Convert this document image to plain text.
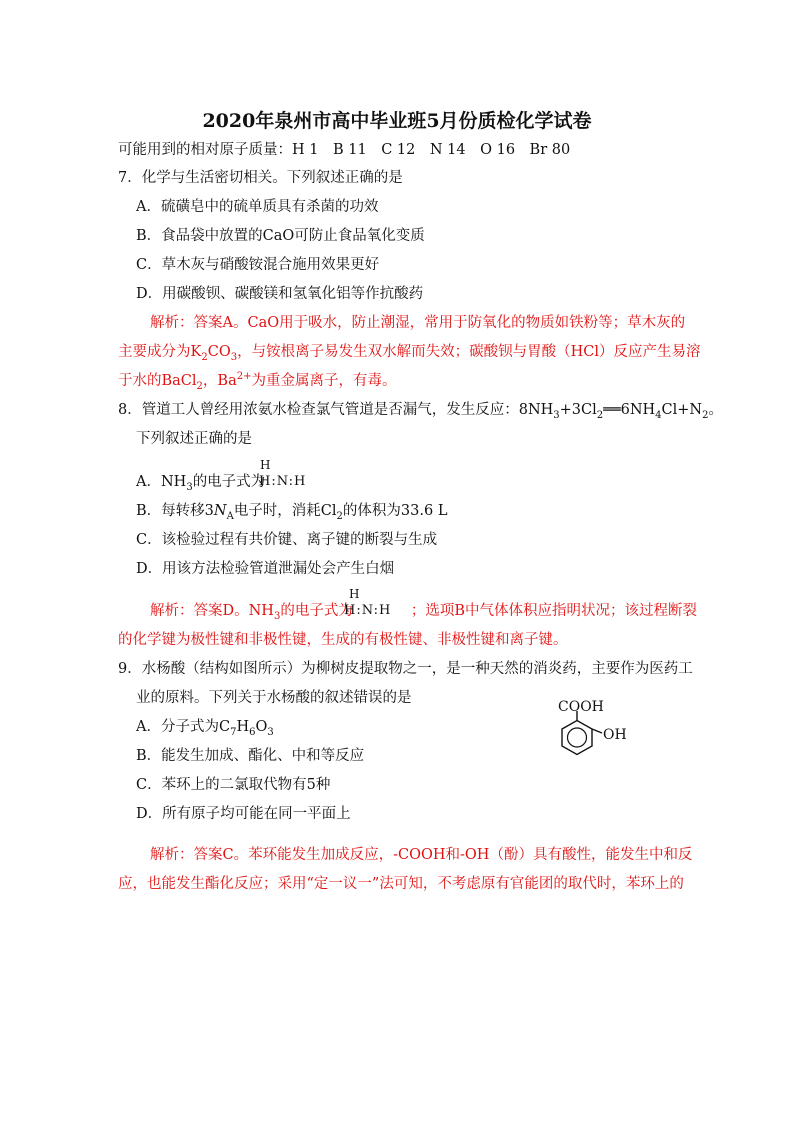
2020年泉州市高中毕业班5月份质检化学试卷
可能用到的相对原子质量：H 1　B 11　C 12　N 14　O 16　Br 80
7．化学与生活密切相关。下列叙述正确的是
A．硫磺皂中的硫单质具有杀菌的功效
B．食品袋中放置的CaO可防止食品氧化变质
C．草木灰与硝酸铵混合施用效果更好
D．用碳酸钡、碳酸镁和氢氧化铝等作抗酸药
解析：答案A。CaO用于吸水，防止潮湿，常用于防氧化的物质如铁粉等；草木灰的
主要成分为$K_2CO_3$，与铵根离子易发生双水解而失效；碳酸钡与胃酸（HCl）反应产生易溶
于水的BaCl$_2$，$Ba^{2+}$为重金属离子，有毒。
8．管道工人曾经用浓氨水检查氯气管道是否漏气，发生反应：$8NH_3+3Cl_2══6NH_4Cl+N_2$。
下列叙述正确的是
A．$NH_3$的电子式为
H
H:N:H
B．每转移$3N_A$电子时，消耗$Cl_2$的体积为33.6 L
C．该检验过程有共价键、离子键的断裂与生成
D．用该方法检验管道泄漏处会产生白烟
解析：答案D。$NH_3$的电子式为	；选项B中气体体积应指明状况；该过程断裂
H
H:N:H
的化学键为极性键和非极性键，生成的有极性键、非极性键和离子键。
9．水杨酸（结构如图所示）为柳树皮提取物之一，是一种天然的消炎药，主要作为医药工
业的原料。下列关于水杨酸的叙述错误的是
A．分子式为$C_7H_6O_3$
B．能发生加成、酯化、中和等反应
C．苯环上的二氯取代物有5种
D．所有原子均可能在同一平面上
COOH
OH
解析：答案C。苯环能发生加成反应，-COOH和-OH（酚）具有酸性，能发生中和反
应，也能发生酯化反应；采用“定一议一”法可知，不考虑原有官能团的取代时，苯环上的
